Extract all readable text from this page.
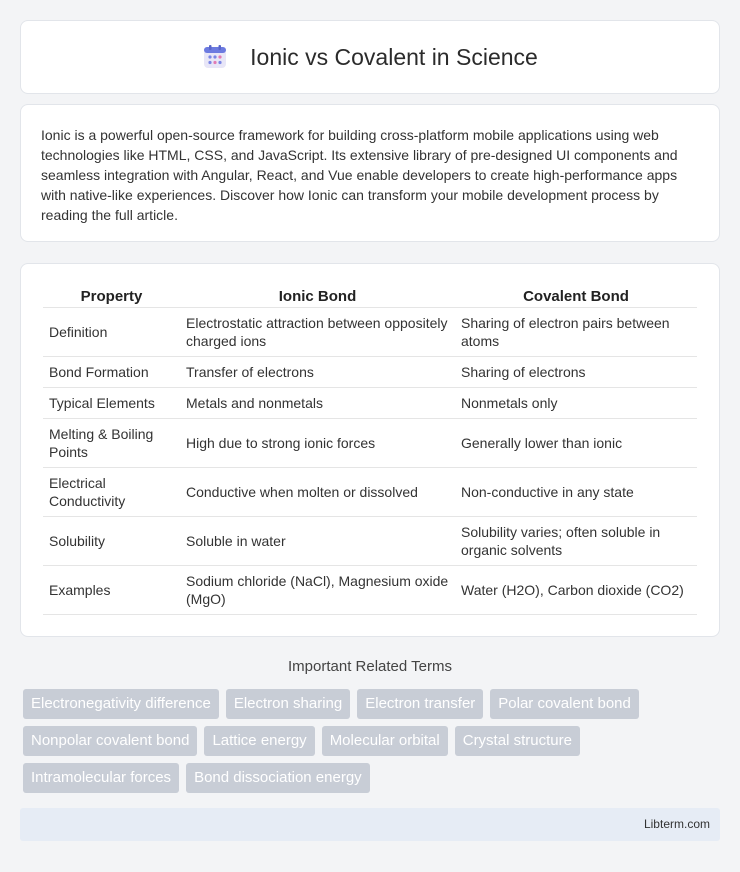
Ionic vs Covalent in Science

Ionic is a powerful open-source framework for building cross-platform mobile applications using web technologies like HTML, CSS, and JavaScript. Its extensive library of pre-designed UI components and seamless integration with Angular, React, and Vue enable developers to create high-performance apps with native-like experiences. Discover how Ionic can transform your mobile development process by reading the full article.

Property	Ionic Bond	Covalent Bond
Definition	Electrostatic attraction between oppositely charged ions	Sharing of electron pairs between atoms
Bond Formation	Transfer of electrons	Sharing of electrons
Typical Elements	Metals and nonmetals	Nonmetals only
Melting & Boiling Points	High due to strong ionic forces	Generally lower than ionic
Electrical Conductivity	Conductive when molten or dissolved	Non-conductive in any state
Solubility	Soluble in water	Solubility varies; often soluble in organic solvents
Examples	Sodium chloride (NaCl), Magnesium oxide (MgO)	Water (H2O), Carbon dioxide (CO2)
Important Related Terms
Electronegativity difference	Electron sharing	Electron transfer	Polar covalent bond
Nonpolar covalent bond	Lattice energy	Molecular orbital	Crystal structure
Intramolecular forces	Bond dissociation energy
Libterm.com
